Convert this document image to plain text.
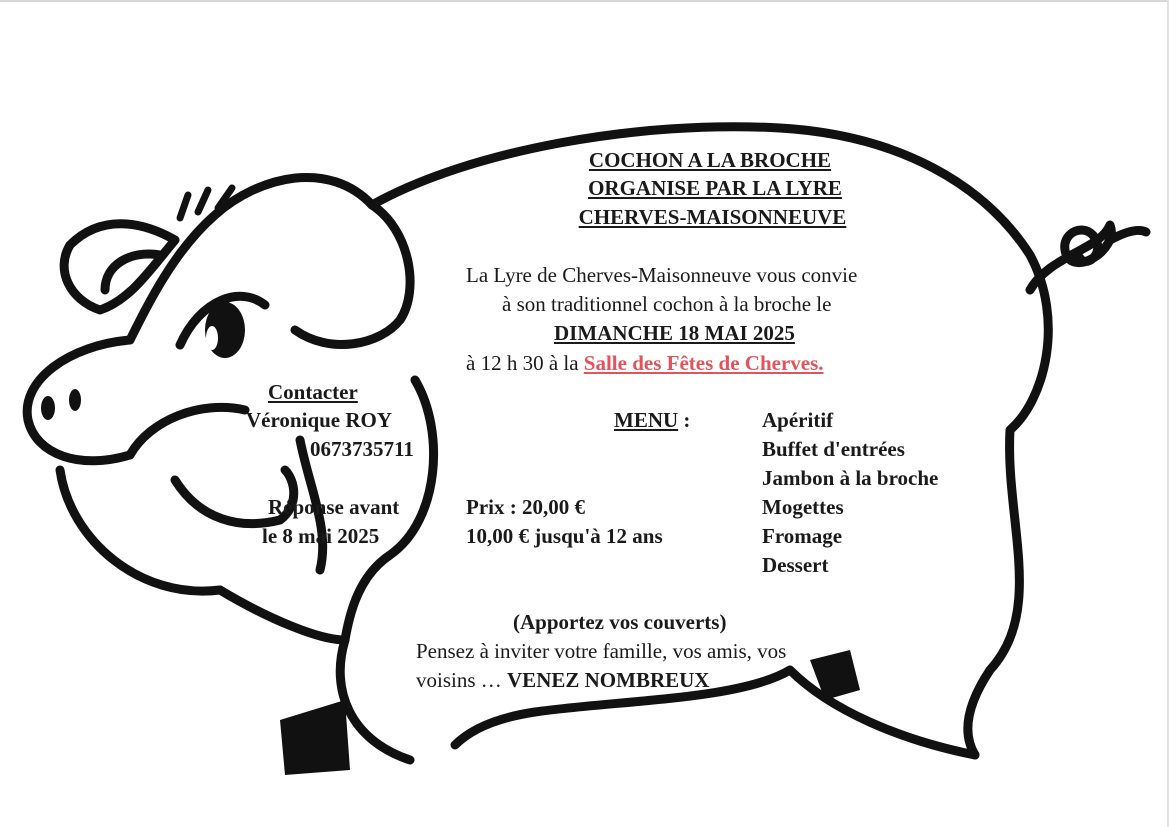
COCHON A LA BROCHE
ORGANISE PAR LA LYRE
CHERVES-MAISONNEUVE
La Lyre de Cherves-Maisonneuve vous convie
à son traditionnel cochon à la broche le
DIMANCHE 18 MAI 2025
à 12 h 30 à la Salle des Fêtes de Cherves.
Contacter
Véronique ROY
0673735711
Réponse avant
le 8 mai 2025
Prix : 20,00 €
10,00 € jusqu'à 12 ans
MENU :	Apéritif
Buffet d'entrées
Jambon à la broche
Mogettes
Fromage
Dessert
(Apportez vos couverts)
Pensez à inviter votre famille, vos amis, vos
voisins … VENEZ NOMBREUX
